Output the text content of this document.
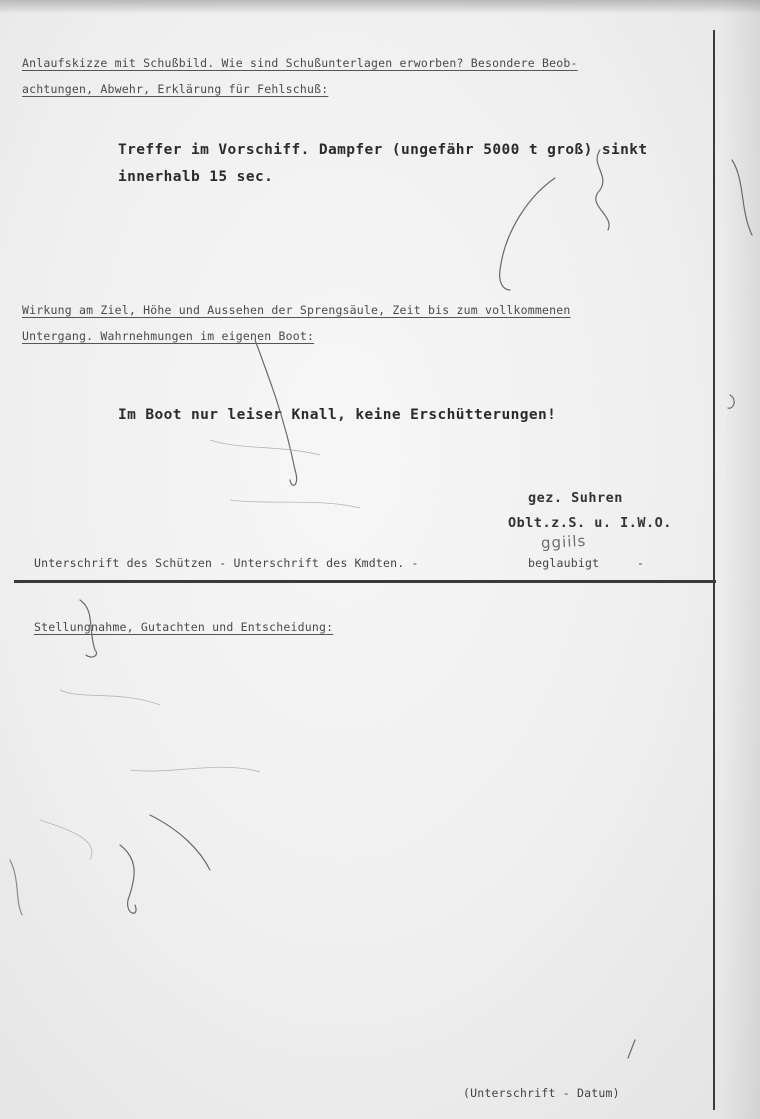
Anlaufskizze mit Schußbild. Wie sind Schußunterlagen erworben? Besondere Beob-
achtungen, Abwehr, Erklärung für Fehlschuß:
Treffer im Vorschiff. Dampfer (ungefähr 5000 t groß) sinkt
innerhalb 15 sec.
Wirkung am Ziel, Höhe und Aussehen der Sprengsäule, Zeit bis zum vollkommenen
Untergang. Wahrnehmungen im eigenen Boot:
Im Boot nur leiser Knall, keine Erschütterungen!
gez. Suhren
Oblt.z.S. u. I.W.O.
ggiils
Unterschrift des Schützen - Unterschrift des Kmdten. -	beglaubigt	-
Stellungnahme, Gutachten und Entscheidung:
(Unterschrift - Datum)
